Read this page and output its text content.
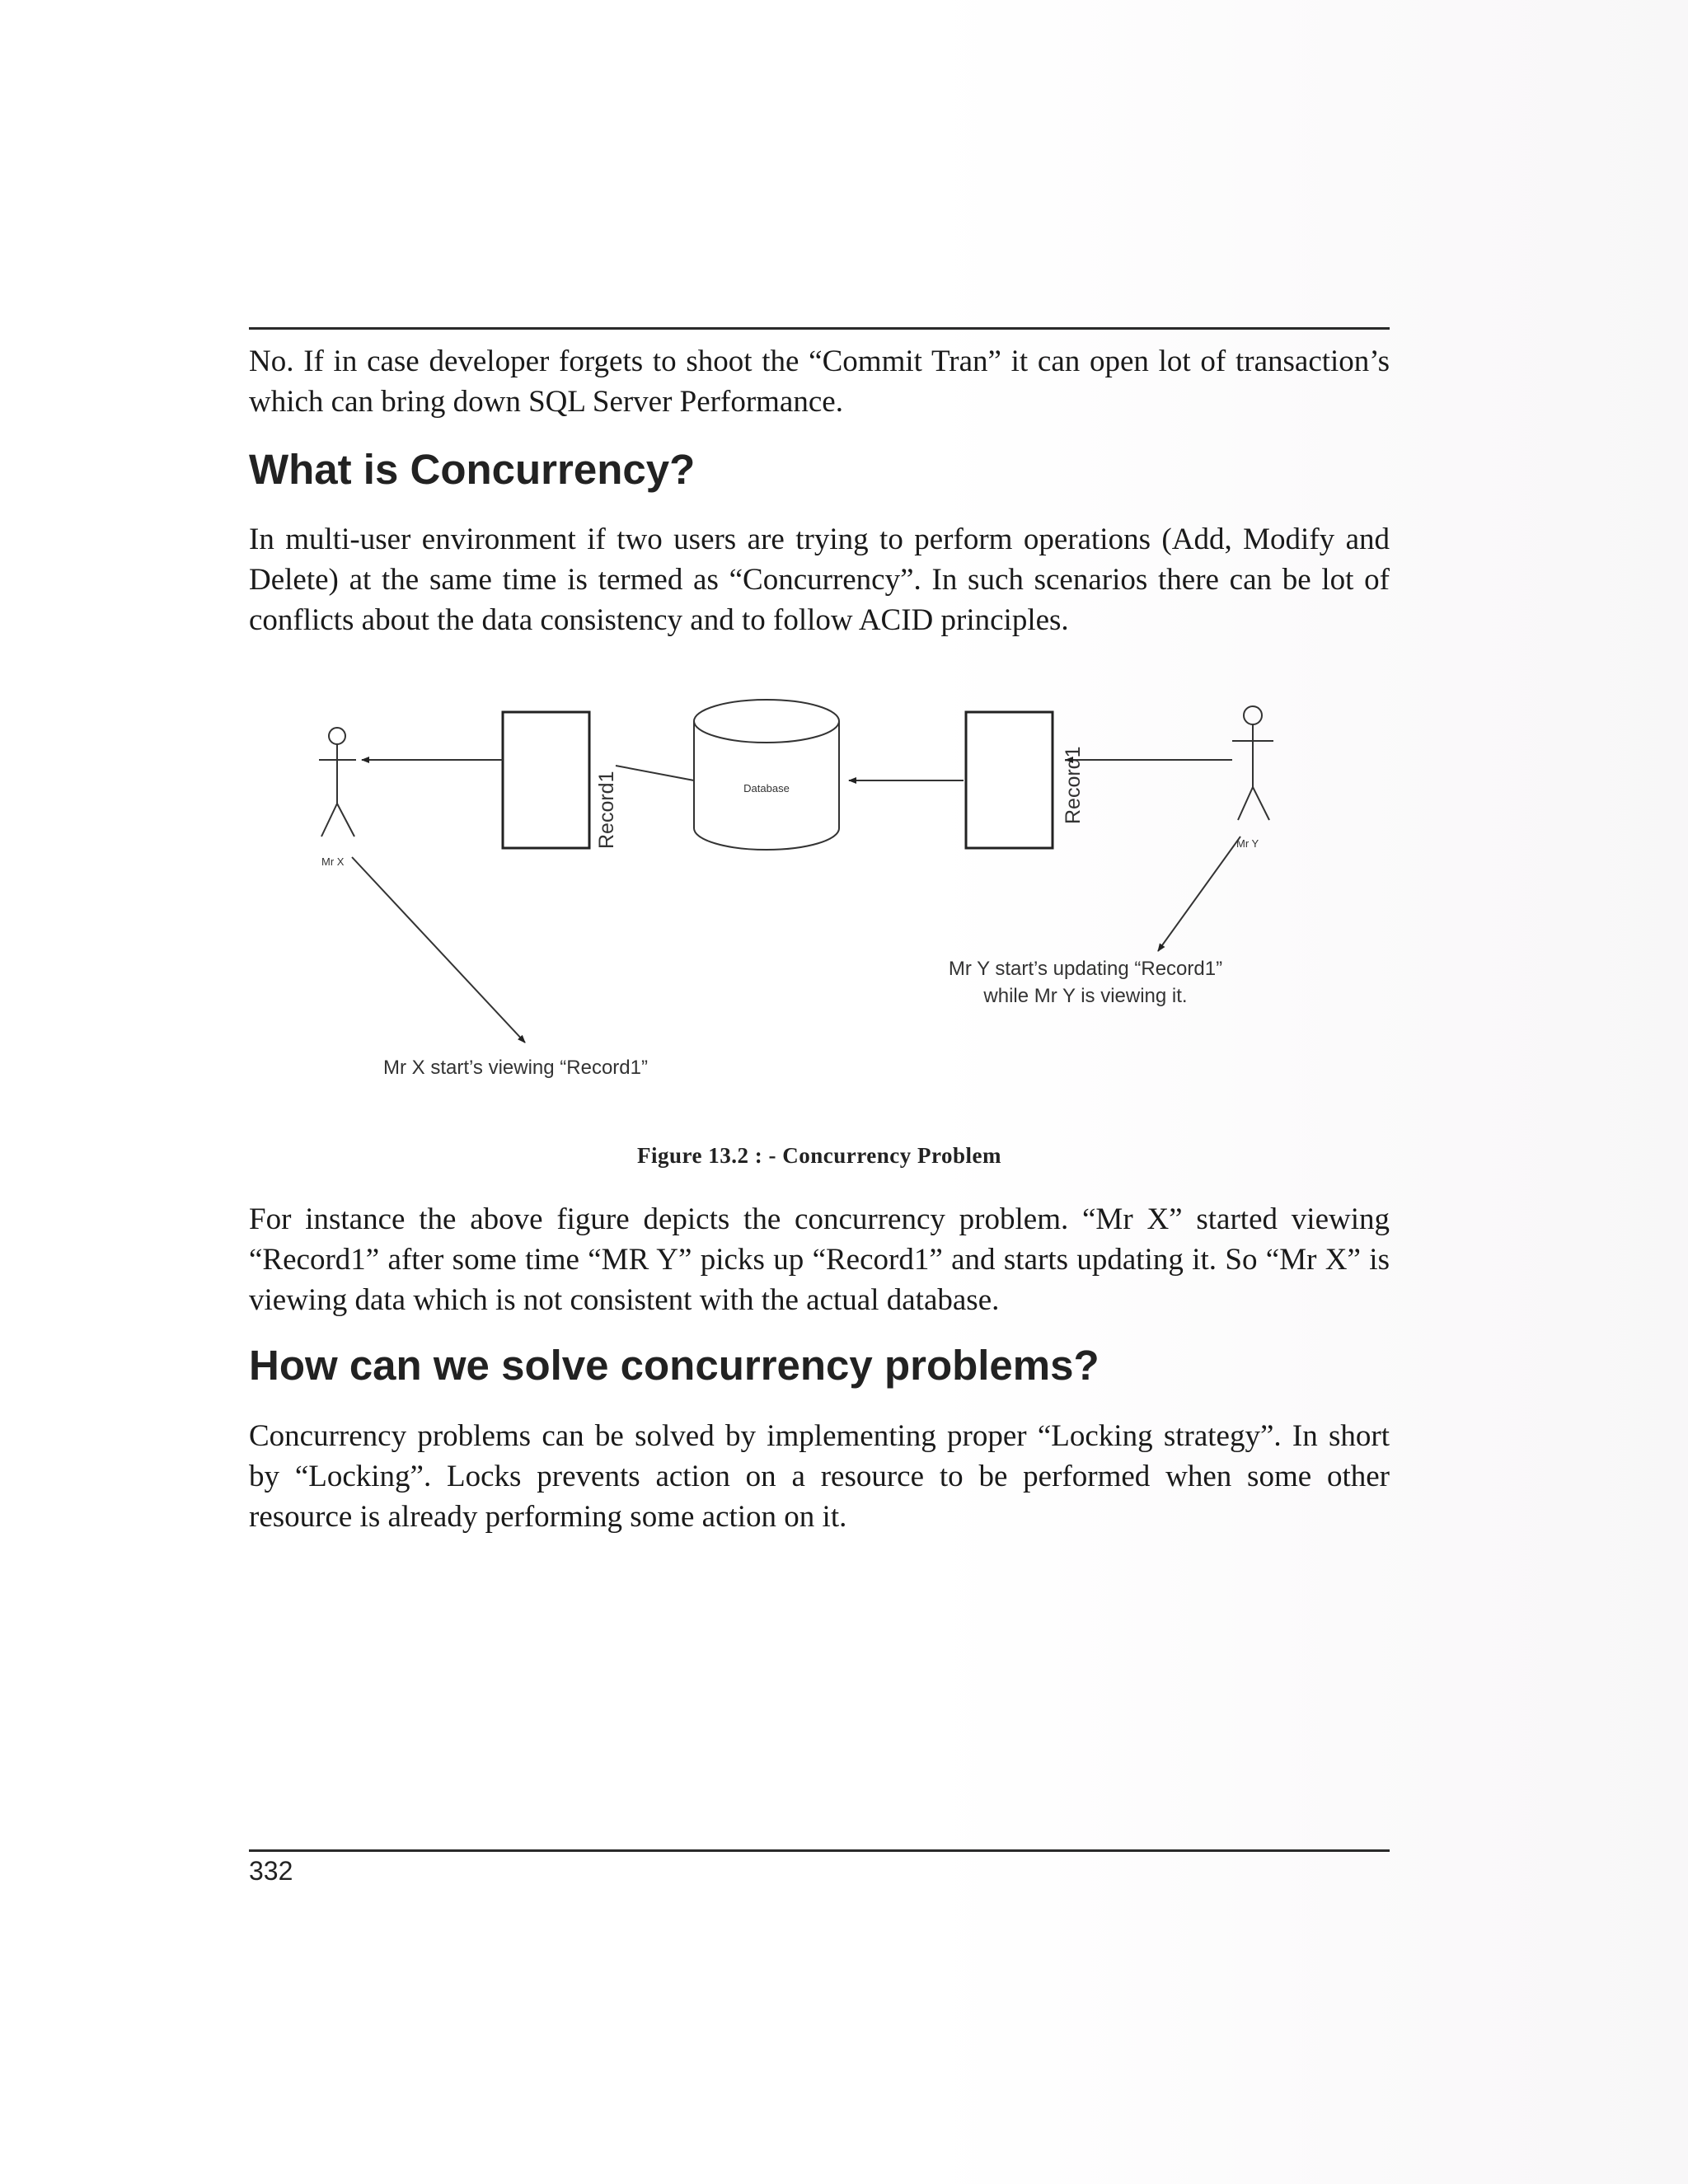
No. If in case developer forgets to shoot the “Commit Tran” it can open lot of transaction’s which can bring down SQL Server Performance.

What is Concurrency?

In multi-user environment if two users are trying to perform operations (Add, Modify and Delete) at the same time is termed as “Concurrency”. In such scenarios there can be lot of conflicts about the data consistency and to follow ACID principles.

Mr X
Record1	Database	Record1
Mr Y
Mr Y start’s updating “Record1”
while Mr Y is viewing it.
Mr X start’s viewing “Record1”
Figure 13.2 : - Concurrency Problem

For instance the above figure depicts the concurrency problem. “Mr X” started viewing “Record1” after some time “MR Y” picks up “Record1” and starts updating it. So “Mr X” is viewing data which is not consistent with the actual database.

How can we solve concurrency problems?

Concurrency problems can be solved by implementing proper “Locking strategy”. In short by “Locking”. Locks prevents action on a resource to be performed when some other resource is already performing some action on it.

332
